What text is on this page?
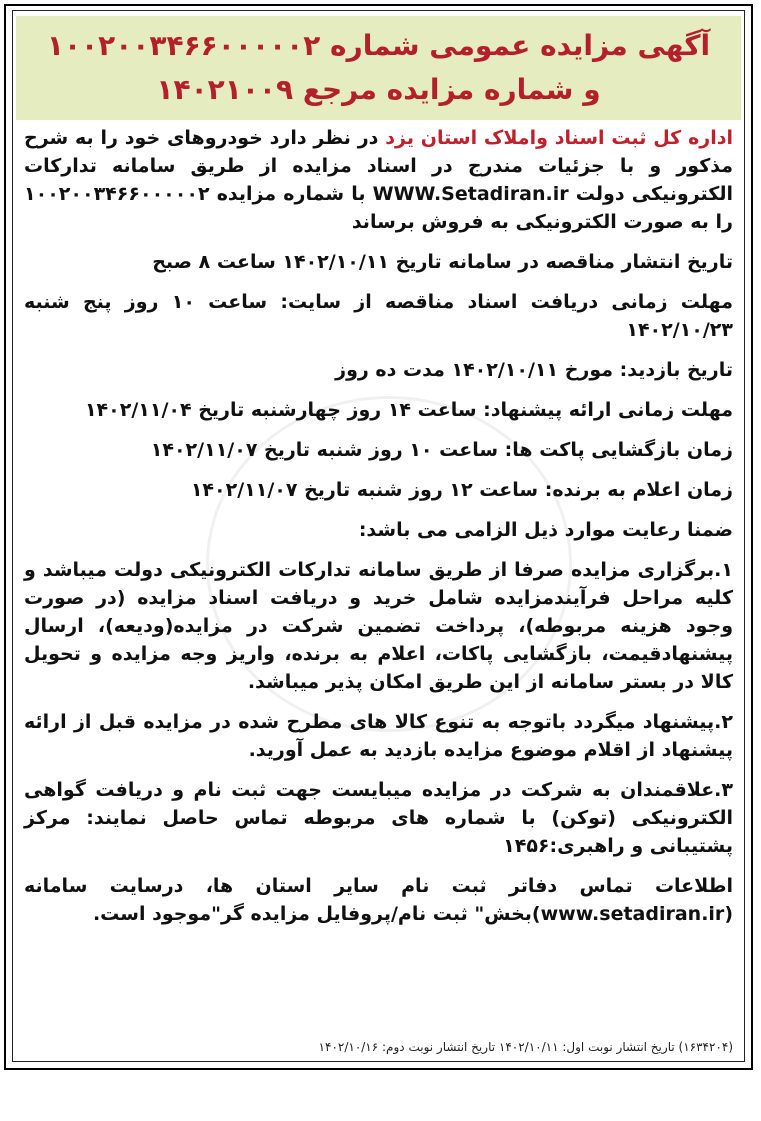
آگهی مزایده عمومی شماره ۱۰۰۲۰۰۳۴۶۶۰۰۰۰۰۲
و شماره مزایده مرجع ۱۴۰۲۱۰۰۹

اداره کل ثبت اسناد واملاک استان یزد در نظر دارد خودروهای خود را به شرح مذکور و با جزئیات مندرج در اسناد مزایده از طریق سامانه تدارکات الکترونیکی دولت WWW.Setadiran.ir با شماره مزایده ۱۰۰۲۰۰۳۴۶۶۰۰۰۰۰۲ را به صورت الکترونیکی به فروش برساند

تاریخ انتشار مناقصه در سامانه تاریخ ۱۴۰۲/۱۰/۱۱ ساعت ۸ صبح

مهلت زمانی دریافت اسناد مناقصه از سایت: ساعت ۱۰ روز پنج شنبه ۱۴۰۲/۱۰/۲۳

تاریخ بازدید: مورخ ۱۴۰۲/۱۰/۱۱ مدت ده روز

مهلت زمانی ارائه پیشنهاد: ساعت ۱۴ روز چهارشنبه تاریخ ۱۴۰۲/۱۱/۰۴

زمان بازگشایی پاکت ها: ساعت ۱۰ روز شنبه تاریخ ۱۴۰۲/۱۱/۰۷

زمان اعلام به برنده: ساعت ۱۲ روز شنبه تاریخ ۱۴۰۲/۱۱/۰۷

ضمنا رعایت موارد ذیل الزامی می باشد:

۱.برگزاری مزایده صرفا از طریق سامانه تدارکات الکترونیکی دولت میباشد و کلیه مراحل فرآیندمزایده شامل خرید و دریافت اسناد مزایده (در صورت وجود هزینه مربوطه)، پرداخت تضمین شرکت در مزایده(ودیعه)، ارسال پیشنهادقیمت، بازگشایی پاکات، اعلام به برنده، واریز وجه مزایده و تحویل کالا در بستر سامانه از این طریق امکان پذیر میباشد.

۲.پیشنهاد میگردد باتوجه به تنوع کالا های مطرح شده در مزایده قبل از ارائه پیشنهاد از اقلام موضوع مزایده بازدید به عمل آورید.

۳.علاقمندان به شرکت در مزایده میبایست جهت ثبت نام و دریافت گواهی الکترونیکی (توکن) با شماره های مربوطه تماس حاصل نمایند: مرکز پشتیبانی و راهبری:۱۴۵۶

اطلاعات تماس دفاتر ثبت نام سایر استان ها، درسایت سامانه (www.setadiran.ir)بخش" ثبت نام/پروفایل مزایده گر"موجود است.

(۱۶۳۴۲۰۴) تاریخ انتشار نوبت اول: ۱۴۰۲/۱۰/۱۱ تاریخ انتشار نوبت دوم: ۱۴۰۲/۱۰/۱۶
